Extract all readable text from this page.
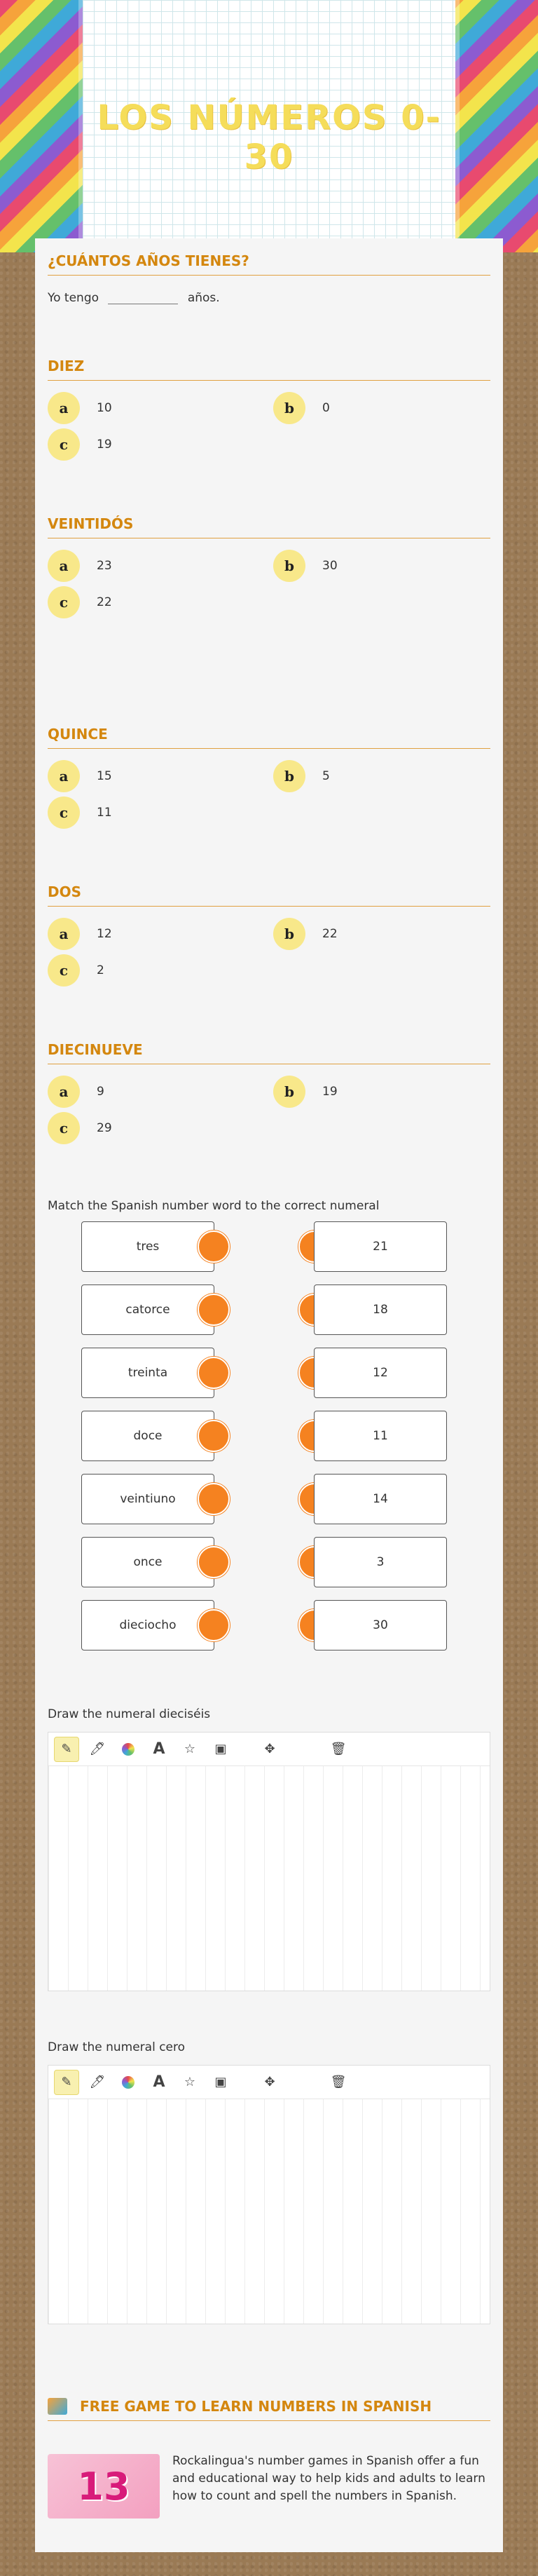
LOS NÚMEROS 0-30
¿CUÁNTOS AÑOS TIENES?
Yo tengo	años.
DIEZ
a	10	b	0
c	19
VEINTIDÓS
a	23	b	30
c	22
QUINCE
a	15	b	5
c	11
DOS
a	12	b	22
c	2
DIECINUEVE
a	9	b	19
c	29
Match the Spanish number word to the correct numeral
tres	21
catorce	18
treinta	12
doce	11
veintiuno	14
once	3
dieciocho	30
Draw the numeral dieciséis
✎	🖊	A	☆	▣	✥	🗑
Draw the numeral cero
✎	🖊	A	☆	▣	✥	🗑
FREE GAME TO LEARN NUMBERS IN SPANISH
13
Rockalingua's number games in Spanish offer a fun and educational way to help kids and adults to learn how to count and spell the numbers in Spanish.
